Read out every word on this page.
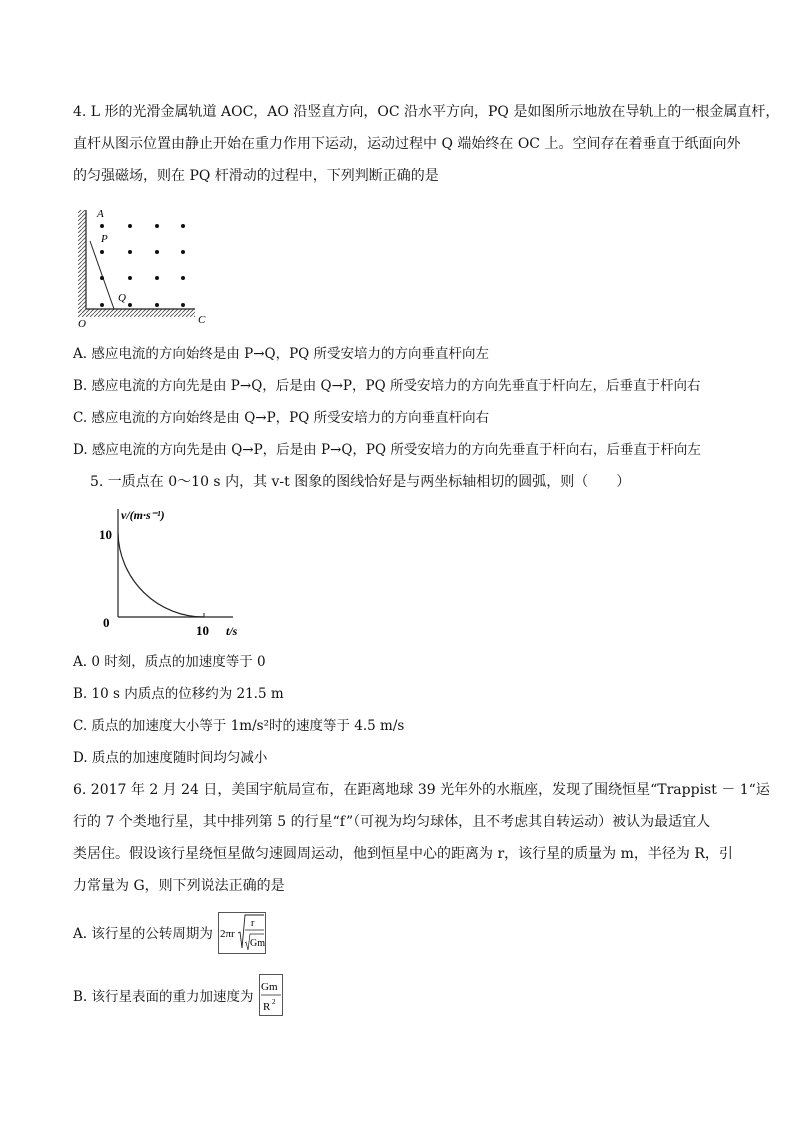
4. L 形的光滑金属轨道 AOC，AO 沿竖直方向，OC 沿水平方向，PQ 是如图所示地放在导轨上的一根金属直杆，
直杆从图示位置由静止开始在重力作用下运动，运动过程中 Q 端始终在 OC 上。空间存在着垂直于纸面向外
的匀强磁场，则在 PQ 杆滑动的过程中，下列判断正确的是
A
P
Q
O	C
A. 感应电流的方向始终是由 P→Q，PQ 所受安培力的方向垂直杆向左
B. 感应电流的方向先是由 P→Q，后是由 Q→P，PQ 所受安培力的方向先垂直于杆向左，后垂直于杆向右
C. 感应电流的方向始终是由 Q→P，PQ 所受安培力的方向垂直杆向右
D. 感应电流的方向先是由 Q→P，后是由 P→Q，PQ 所受安培力的方向先垂直于杆向右，后垂直于杆向左
5. 一质点在 0～10 s 内，其 v-t 图象的图线恰好是与两坐标轴相切的圆弧，则（　　）
v/(m·s⁻¹)
10
0
10 t/s
A. 0 时刻，质点的加速度等于 0
B. 10 s 内质点的位移约为 21.5 m
C. 质点的加速度大小等于 1m/s²时的速度等于 4.5 m/s
D. 质点的加速度随时间均匀减小
6. 2017 年 2 月 24 日，美国宇航局宣布，在距离地球 39 光年外的水瓶座，发现了围绕恒星“Trappist － 1“运
行的 7 个类地行星，其中排列第 5 的行星“f”（可视为均匀球体，且不考虑其自转运动）被认为最适宜人
类居住。假设该行星绕恒星做匀速圆周运动，他到恒星中心的距离为 r，该行星的质量为 m，半径为 R，引
力常量为 G，则下列说法正确的是
A. 该行星的公转周期为 2πr
r
Gm
B. 该行星表面的重力加速度为
Gm
R 2
